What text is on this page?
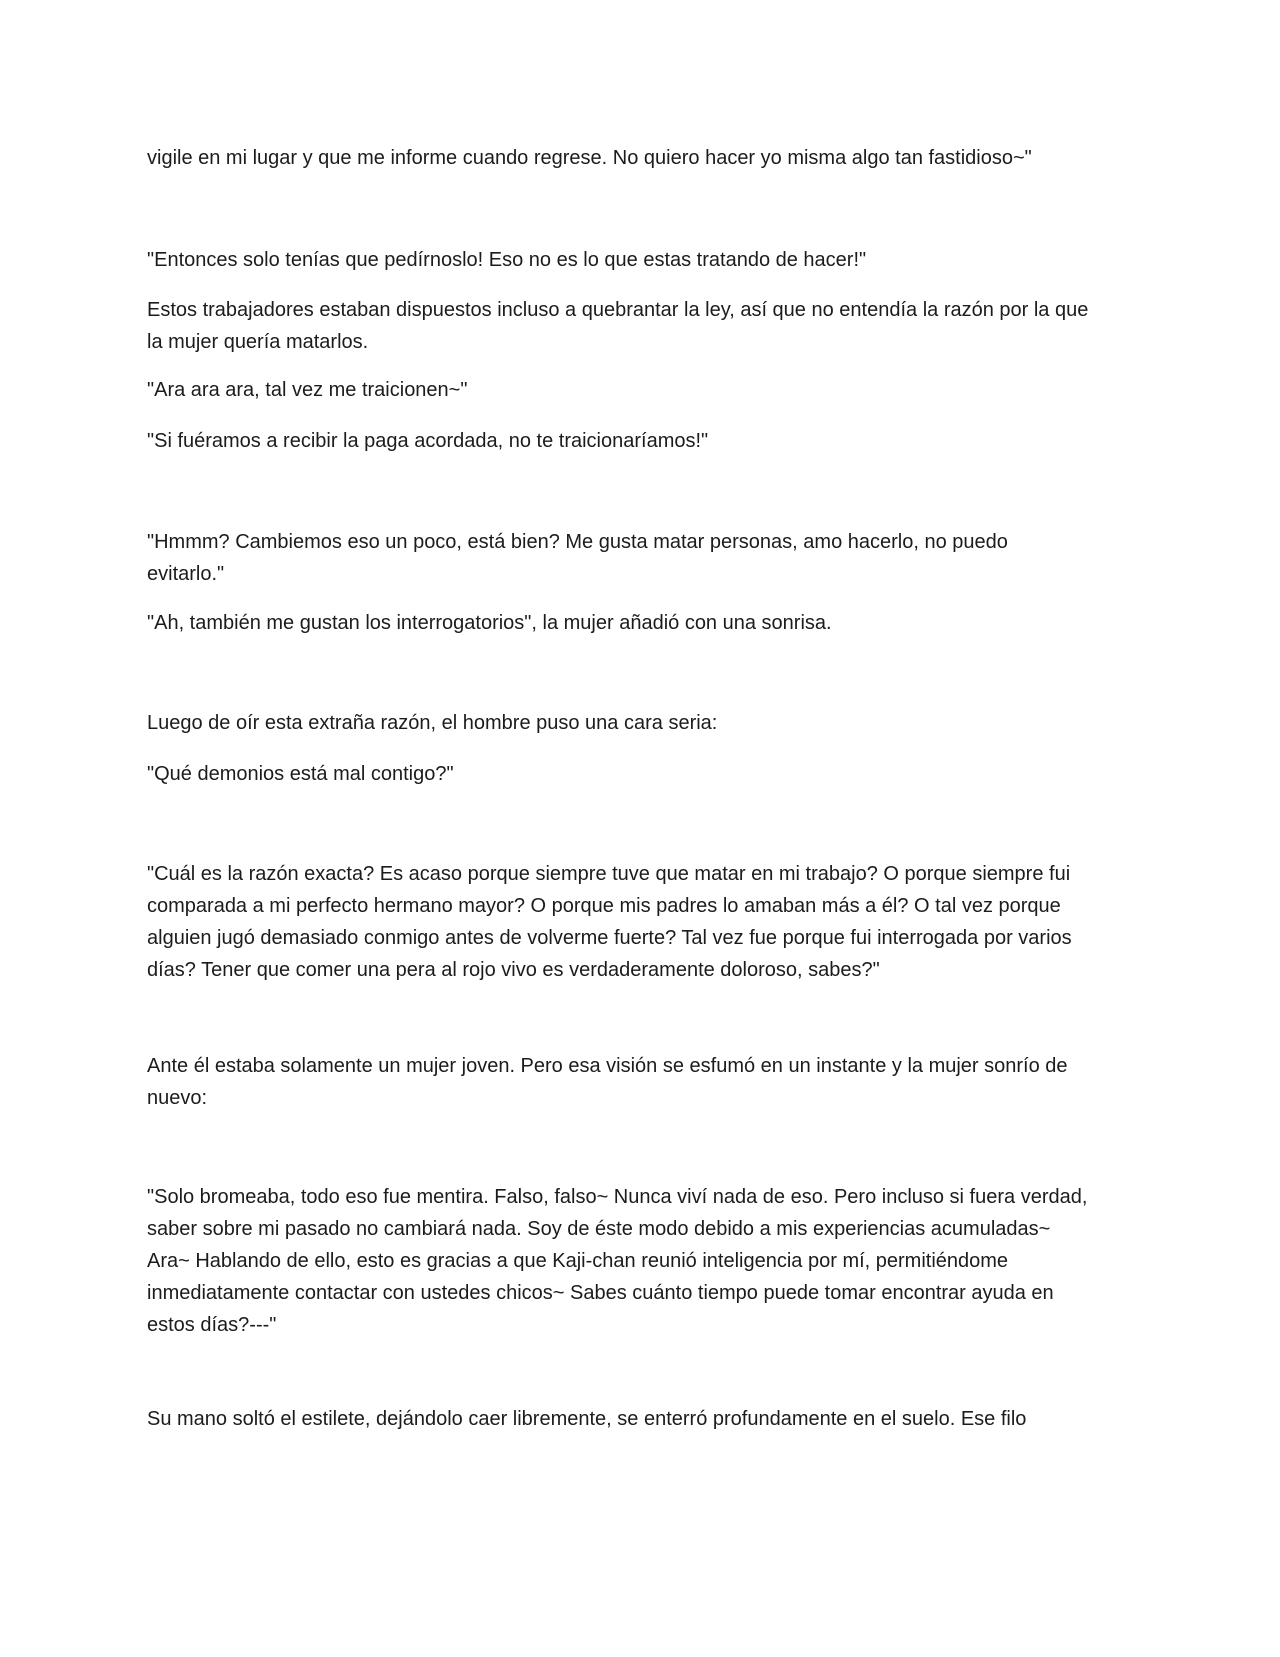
vigile en mi lugar y que me informe cuando regrese. No quiero hacer yo misma algo tan fastidioso~"

"Entonces solo tenías que pedírnoslo! Eso no es lo que estas tratando de hacer!"

Estos trabajadores estaban dispuestos incluso a quebrantar la ley, así que no entendía la razón por la que
la mujer quería matarlos.

"Ara ara ara, tal vez me traicionen~"

"Si fuéramos a recibir la paga acordada, no te traicionaríamos!"

"Hmmm? Cambiemos eso un poco, está bien? Me gusta matar personas, amo hacerlo, no puedo
evitarlo."

"Ah, también me gustan los interrogatorios", la mujer añadió con una sonrisa.

Luego de oír esta extraña razón, el hombre puso una cara seria:

"Qué demonios está mal contigo?"

"Cuál es la razón exacta? Es acaso porque siempre tuve que matar en mi trabajo? O porque siempre fui
comparada a mi perfecto hermano mayor? O porque mis padres lo amaban más a él? O tal vez porque
alguien jugó demasiado conmigo antes de volverme fuerte? Tal vez fue porque fui interrogada por varios
días? Tener que comer una pera al rojo vivo es verdaderamente doloroso, sabes?"

Ante él estaba solamente un mujer joven. Pero esa visión se esfumó en un instante y la mujer sonrío de
nuevo:

"Solo bromeaba, todo eso fue mentira. Falso, falso~ Nunca viví nada de eso. Pero incluso si fuera verdad,
saber sobre mi pasado no cambiará nada. Soy de éste modo debido a mis experiencias acumuladas~
Ara~ Hablando de ello, esto es gracias a que Kaji-chan reunió inteligencia por mí, permitiéndome
inmediatamente contactar con ustedes chicos~ Sabes cuánto tiempo puede tomar encontrar ayuda en
estos días?---"

Su mano soltó el estilete, dejándolo caer libremente, se enterró profundamente en el suelo. Ese filo
